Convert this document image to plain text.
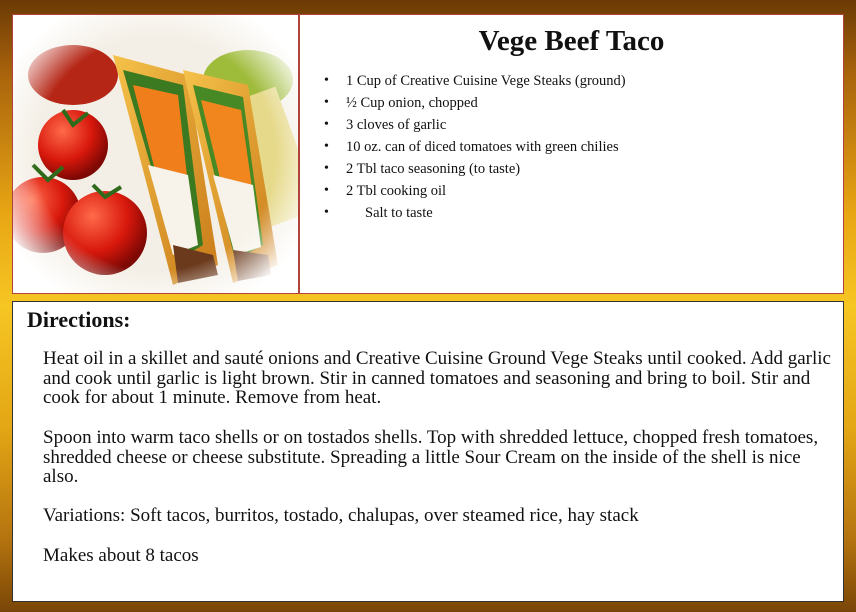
Vege Beef Taco
• 1 Cup of Creative Cuisine Vege Steaks (ground)
• ½ Cup onion, chopped
• 3 cloves of garlic
• 10 oz. can of diced tomatoes with green chilies
• 2 Tbl taco seasoning (to taste)
• 2 Tbl cooking oil
• Salt to taste
Directions:

Heat oil in a skillet and sauté onions and Creative Cuisine Ground Vege Steaks until cooked. Add garlic and cook until garlic is light brown. Stir in canned tomatoes and seasoning and bring to boil. Stir and cook for about 1 minute. Remove from heat.

Spoon into warm taco shells or on tostados shells. Top with shredded lettuce, chopped fresh tomatoes, shredded cheese or cheese substitute. Spreading a little Sour Cream on the inside of the shell is nice also.

Variations: Soft tacos, burritos, tostado, chalupas, over steamed rice, hay stack

Makes about 8 tacos
